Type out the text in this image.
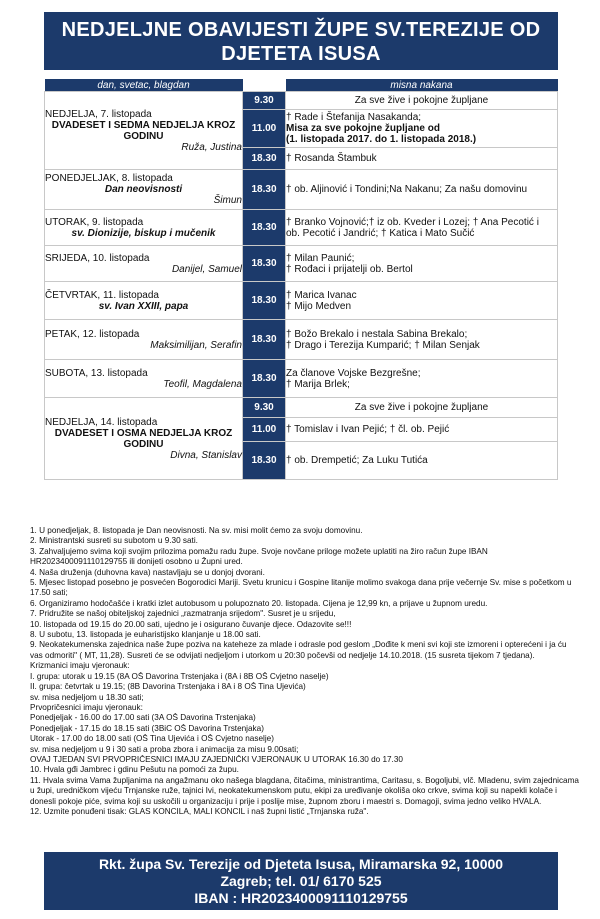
NEDJELJNE OBAVIJESTI ŽUPE SV.TEREZIJE OD
DJETETA ISUSA
dan, svetac, blagdan		misna nakana

NEDJELJA, 7. listopada
DVADESET I SEDMA NEDJELJA KROZ GODINU
Ruža, Justina	9.30	Za sve žive i pokojne župljane

	11.00	† Rade i Štefanija Nasakanda;
Misa za sve pokojne župljane od
(1. listopada 2017. do 1. listopada 2018.)

	18.30	† Rosanda Štambuk

PONEDJELJAK, 8. listopada
Dan neovisnosti
Šimun	18.30	† ob. Aljinović i Tondini;Na Nakanu; Za našu domovinu

UTORAK, 9. listopada
sv. Dionizije, biskup i mučenik	18.30	† Branko Vojnović;† iz ob. Kveder i Lozej; † Ana Pecotić i
ob. Pecotić i Jandrić; † Katica i Mato Sučić

SRIJEDA, 10. listopada
Danijel, Samuel	18.30	† Milan Paunić;
† Rođaci i prijatelji ob. Bertol

ČETVRTAK, 11. listopada
sv. Ivan XXIII, papa	18.30	† Marica Ivanac
† Mijo Medven

PETAK, 12. listopada
Maksimilijan, Serafin	18.30	† Božo Brekalo i nestala Sabina Brekalo;
† Drago i Terezija Kumparić; † Milan Senjak

SUBOTA, 13. listopada
Teofil, Magdalena	18.30	Za članove Vojske Bezgrešne;
† Marija Brlek;

NEDJELJA, 14. listopada
DVADESET I OSMA NEDJELJA KROZ GODINU
Divna, Stanislav	9.30	Za sve žive i pokojne župljane

	11.00	† Tomislav i Ivan Pejić; † čl. ob. Pejić

	18.30	† ob. Drempetić; Za Luku Tutića
1. U ponedjeljak, 8. listopada je Dan neovisnosti. Na sv. misi molit ćemo za svoju domovinu.
2. Ministrantski susreti su subotom u 9.30 sati.
3. Zahvaljujemo svima koji svojim prilozima pomažu radu župe. Svoje novčane priloge možete uplatiti na žiro račun župe IBAN
HR2023400091110129755 ili donijeti osobno u Župni ured.
4. Naša druženja (duhovna kava) nastavljaju se u donjoj dvorani.
5. Mjesec listopad posebno je posvećen Bogorodici Mariji. Svetu krunicu i Gospine litanije molimo svakoga dana prije večernje Sv. mise s početkom u
17.50 sati;
6. Organiziramo hodočašće i kratki izlet autobusom u polupoznato 20. listopada. Cijena je 12,99 kn, a prijave u župnom uredu.
7. Pridružite se našoj obiteljskoj zajednici „razmatranja srijedom". Susret je u srijedu,
10. listopada od 19.15 do 20.00 sati, ujedno je i osigurano čuvanje djece. Odazovite se!!!
8. U subotu, 13. listopada je euharistijsko klanjanje u 18.00 sati.
9. Neokatekumenska zajednica naše župe poziva na kateheze za mlade i odrasle pod geslom „Dođite k meni svi koji ste izmoreni i opterećeni i ja ću
vas odmoriti" ( MT, 11,28). Susreti će se odvijati nedjeljom i utorkom u 20:30 počevši od nedjelje 14.10.2018. (15 susreta tijekom 7 tjedana).
Krizmanici imaju vjeronauk:
I. grupa: utorak u 19.15 (8A OŠ Davorina Trstenjaka i (8A i 8B OŠ Cvjetno naselje)
II. grupa: četvrtak u 19.15; (8B Davorina Trstenjaka i 8A i 8 OŠ Tina Ujevića)
sv. misa nedjeljom u 18.30 sati;
Prvopričesnici imaju vjeronauk:
Ponedjeljak - 16.00 do 17.00 sati (3A OŠ Davorina Trstenjaka)
Ponedjeljak - 17.15 do 18.15 sati (3BiC OŠ Davorina Trstenjaka)
Utorak - 17.00 do 18.00 sati (OŠ Tina Ujevića i OŠ Cvjetno naselje)
sv. misa nedjeljom u 9 i 30 sati a proba zbora i animacija za misu 9.00sati;
OVAJ TJEDAN SVI PRVOPRIČESNICI IMAJU ZAJEDNIČKI VJERONAUK U UTORAK 16.30 do 17.30
10. Hvala gđi Jambrec i gdinu Pešutu na pomoći za župu.
11. Hvala svima Vama župljanima na angažmanu oko našega blagdana, čitačima, ministrantima, Caritasu, s. Bogoljubi, vlč. Mladenu, svim zajednicama
u župi, uredničkom vijeću Trnjanske ruže, tajnici Ivi, neokatekumenskom putu, ekipi za uređivanje okoliša oko crkve, svima koji su napekli kolače i
donesli pokoje piće, svima koji su uskočili u organizaciju i prije i poslije mise, župnom zboru i maestri s. Domagoji, svima jedno veliko HVALA.
12. Uzmite ponuđeni tisak: GLAS KONCILA, MALI KONCIL i naš župni listić „Trnjanska ruža".
Rkt. župa Sv. Terezije od Djeteta Isusa, Miramarska 92, 10000
Zagreb; tel. 01/ 6170 525
IBAN : HR2023400091110129755
